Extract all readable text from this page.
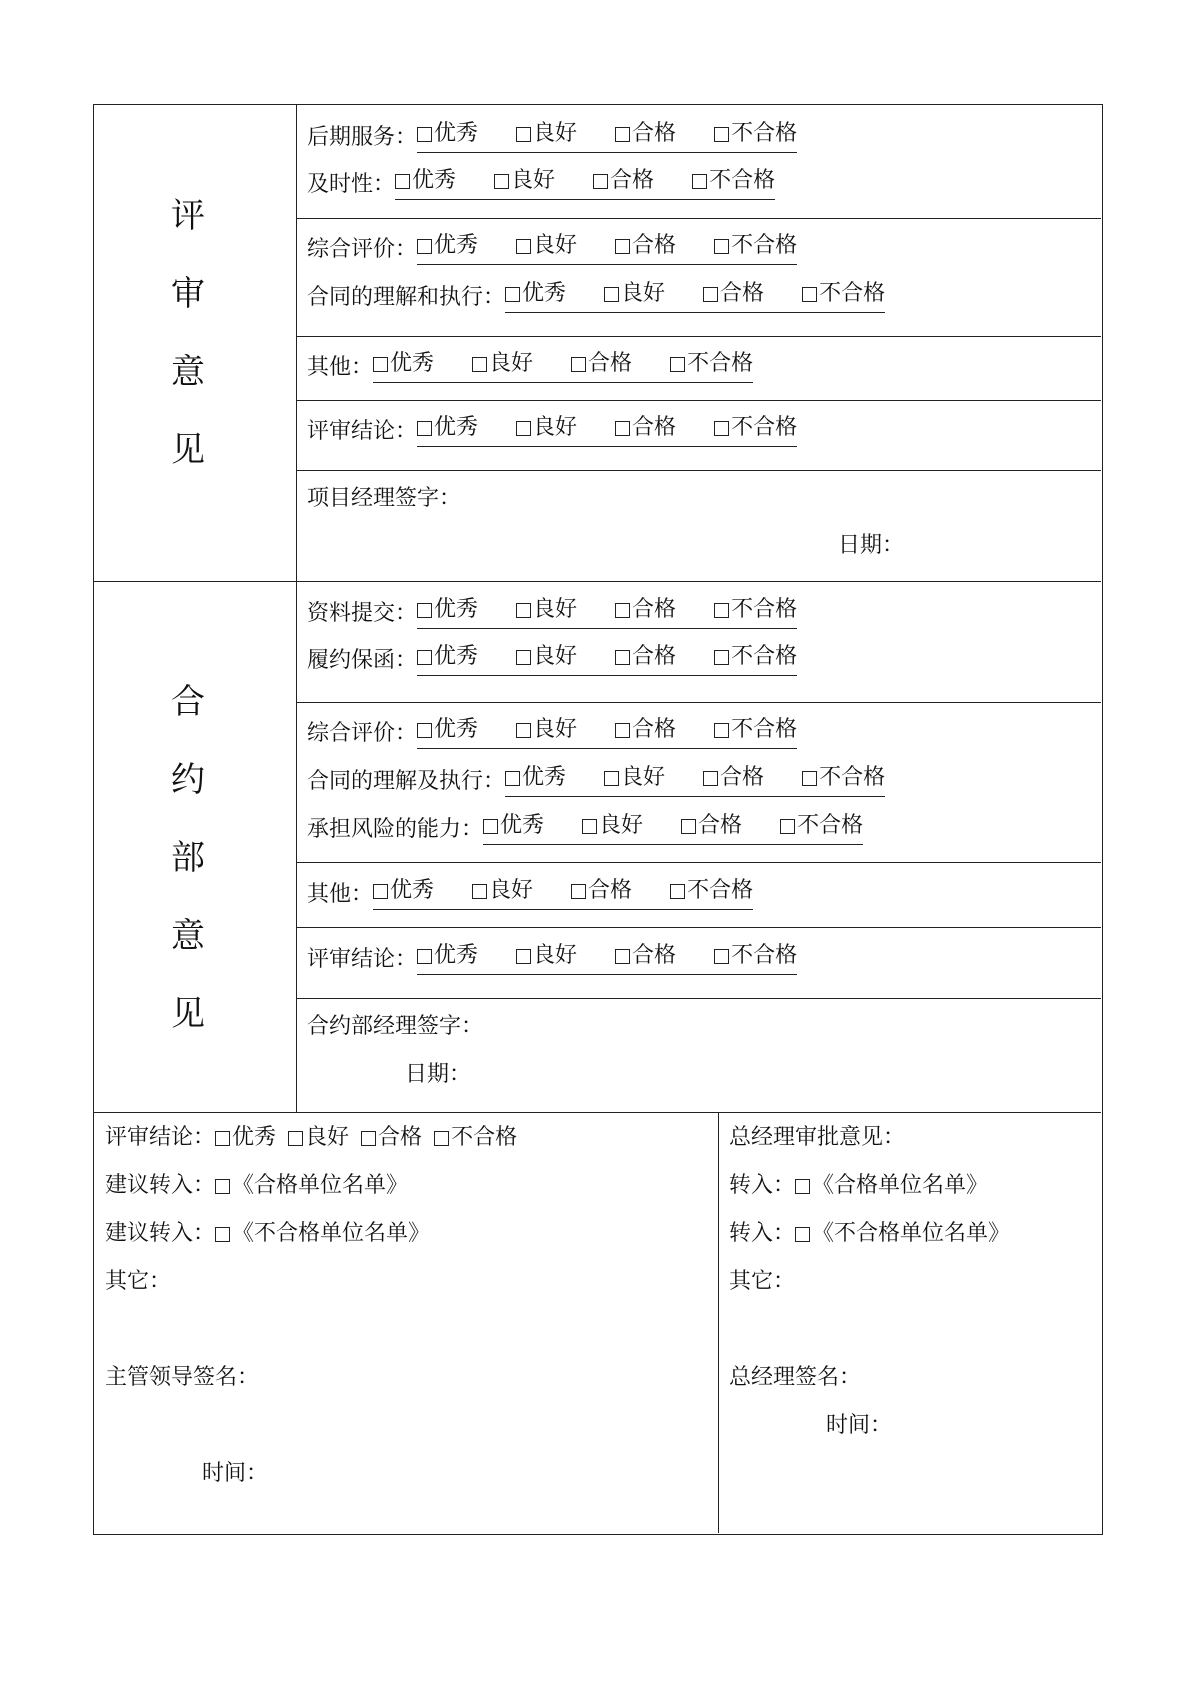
评
审
意
见
后期服务： 优秀	良好	合格	不合格
及时性： 优秀	良好	合格	不合格
综合评价： 优秀	良好	合格	不合格
合同的理解和执行： 优秀	良好	合格	不合格
其他： 优秀	良好	合格	不合格
评审结论： 优秀	良好	合格	不合格
项目经理签字：
日期：
合
约
部
意
见
资料提交： 优秀	良好	合格	不合格
履约保函： 优秀	良好	合格	不合格
综合评价： 优秀	良好	合格	不合格
合同的理解及执行： 优秀	良好	合格	不合格
承担风险的能力： 优秀	良好	合格	不合格
其他： 优秀	良好	合格	不合格
评审结论： 优秀	良好	合格	不合格
合约部经理签字：
日期：
评审结论： 优秀 良好 合格 不合格
建议转入： 《合格单位名单》
建议转入： 《不合格单位名单》
其它：
主管领导签名：
时间：
总经理审批意见：
转入： 《合格单位名单》
转入： 《不合格单位名单》
其它：
总经理签名：
时间：
